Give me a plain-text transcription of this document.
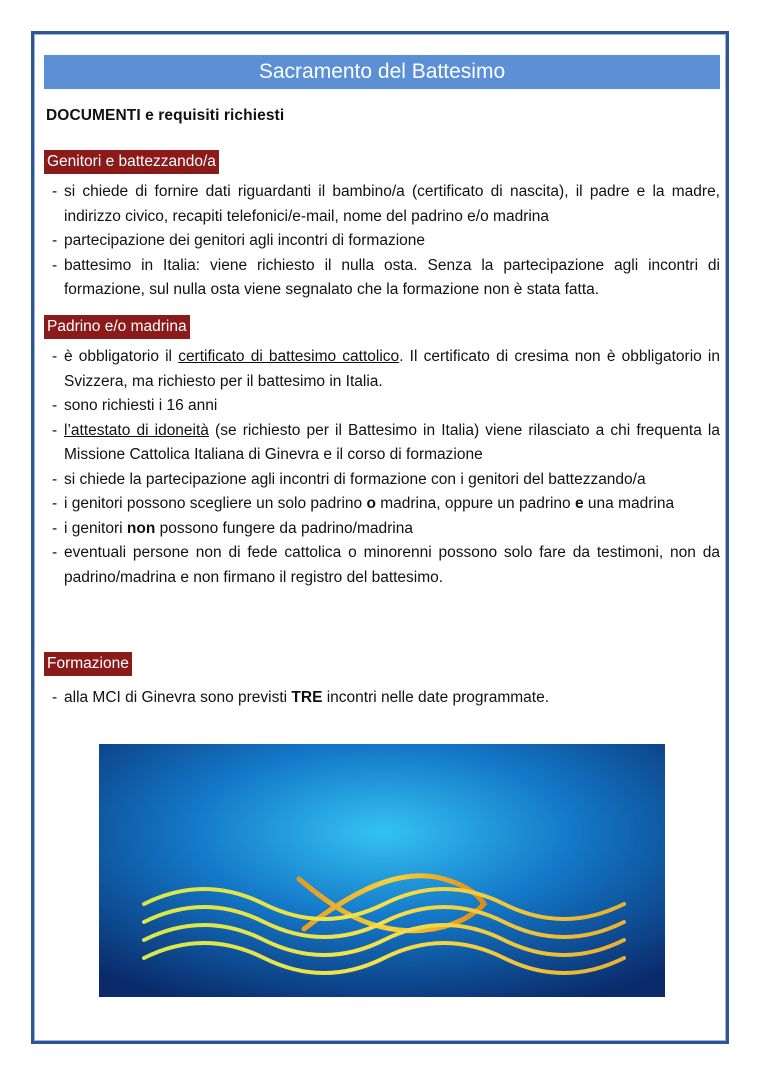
Sacramento del Battesimo
DOCUMENTI e requisiti richiesti
Genitori e battezzando/a
- si chiede di fornire dati riguardanti il bambino/a (certificato di nascita), il padre e la madre, indirizzo civico, recapiti telefonici/e-mail, nome del padrino e/o madrina
- partecipazione dei genitori agli incontri di formazione
- battesimo in Italia: viene richiesto il nulla osta. Senza la partecipazione agli incontri di formazione, sul nulla osta viene segnalato che la formazione non è stata fatta.
Padrino e/o madrina
- è obbligatorio il certificato di battesimo cattolico. Il certificato di cresima non è obbligatorio in Svizzera, ma richiesto per il battesimo in Italia.
- sono richiesti i 16 anni
- l’attestato di idoneità (se richiesto per il Battesimo in Italia) viene rilasciato a chi frequenta la Missione Cattolica Italiana di Ginevra e il corso di formazione
- si chiede la partecipazione agli incontri di formazione con i genitori del battezzando/a
- i genitori possono scegliere un solo padrino o madrina, oppure un padrino e una madrina
- i genitori non possono fungere da padrino/madrina
- eventuali persone non di fede cattolica o minorenni possono solo fare da testimoni, non da padrino/madrina e non firmano il registro del battesimo.
Formazione
- alla MCI di Ginevra sono previsti TRE incontri nelle date programmate.
